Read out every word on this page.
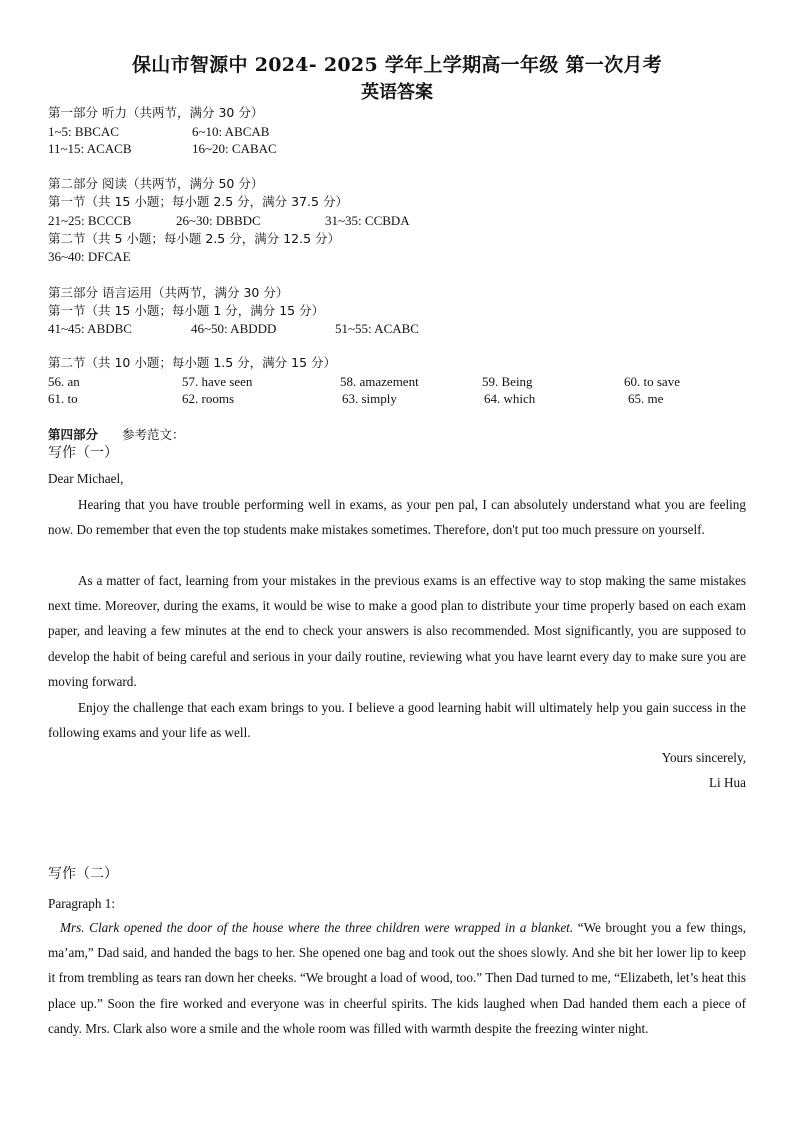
保山市智源中 2024- 2025 学年上学期高一年级 第一次月考
英语答案
第一部分 听力（共两节，满分 30 分）
1~5: BBCAC	6~10: ABCAB
11~15: ACACB	16~20: CABAC
第二部分 阅读（共两节，满分 50 分）
第一节（共 15 小题；每小题 2.5 分，满分 37.5 分）
21~25: BCCCB	26~30: DBBDC	31~35: CCBDA
第二节（共 5 小题；每小题 2.5 分，满分 12.5 分）
36~40: DFCAE
第三部分 语言运用（共两节，满分 30 分）
第一节（共 15 小题；每小题 1 分，满分 15 分）
41~45: ABDBC	46~50: ABDDD	51~55: ACABC
第二节（共 10 小题；每小题 1.5 分，满分 15 分）
56. an	57. have seen	58. amazement	59. Being	60. to save
61. to	62. rooms	63. simply	64. which	65. me
第四部分 参考范文：
写作（一）
Dear Michael,

Hearing that you have trouble performing well in exams, as your pen pal, I can absolutely understand what you are feeling now. Do remember that even the top students make mistakes sometimes. Therefore, don't put too much pressure on yourself.

As a matter of fact, learning from your mistakes in the previous exams is an effective way to stop making the same mistakes next time. Moreover, during the exams, it would be wise to make a good plan to distribute your time properly based on each exam paper, and leaving a few minutes at the end to check your answers is also recommended. Most significantly, you are supposed to develop the habit of being careful and serious in your daily routine, reviewing what you have learnt every day to make sure you are moving forward.

Enjoy the challenge that each exam brings to you. I believe a good learning habit will ultimately help you gain success in the following exams and your life as well.

Yours sincerely,
Li Hua
写作（二）
Paragraph 1:

Mrs. Clark opened the door of the house where the three children were wrapped in a blanket. “We brought you a few things, ma’am,” Dad said, and handed the bags to her. She opened one bag and took out the shoes slowly. And she bit her lower lip to keep it from trembling as tears ran down her cheeks. “We brought a load of wood, too.” Then Dad turned to me, “Elizabeth, let’s heat this place up.” Soon the fire worked and everyone was in cheerful spirits. The kids laughed when Dad handed them each a piece of candy. Mrs. Clark also wore a smile and the whole room was filled with warmth despite the freezing winter night.
